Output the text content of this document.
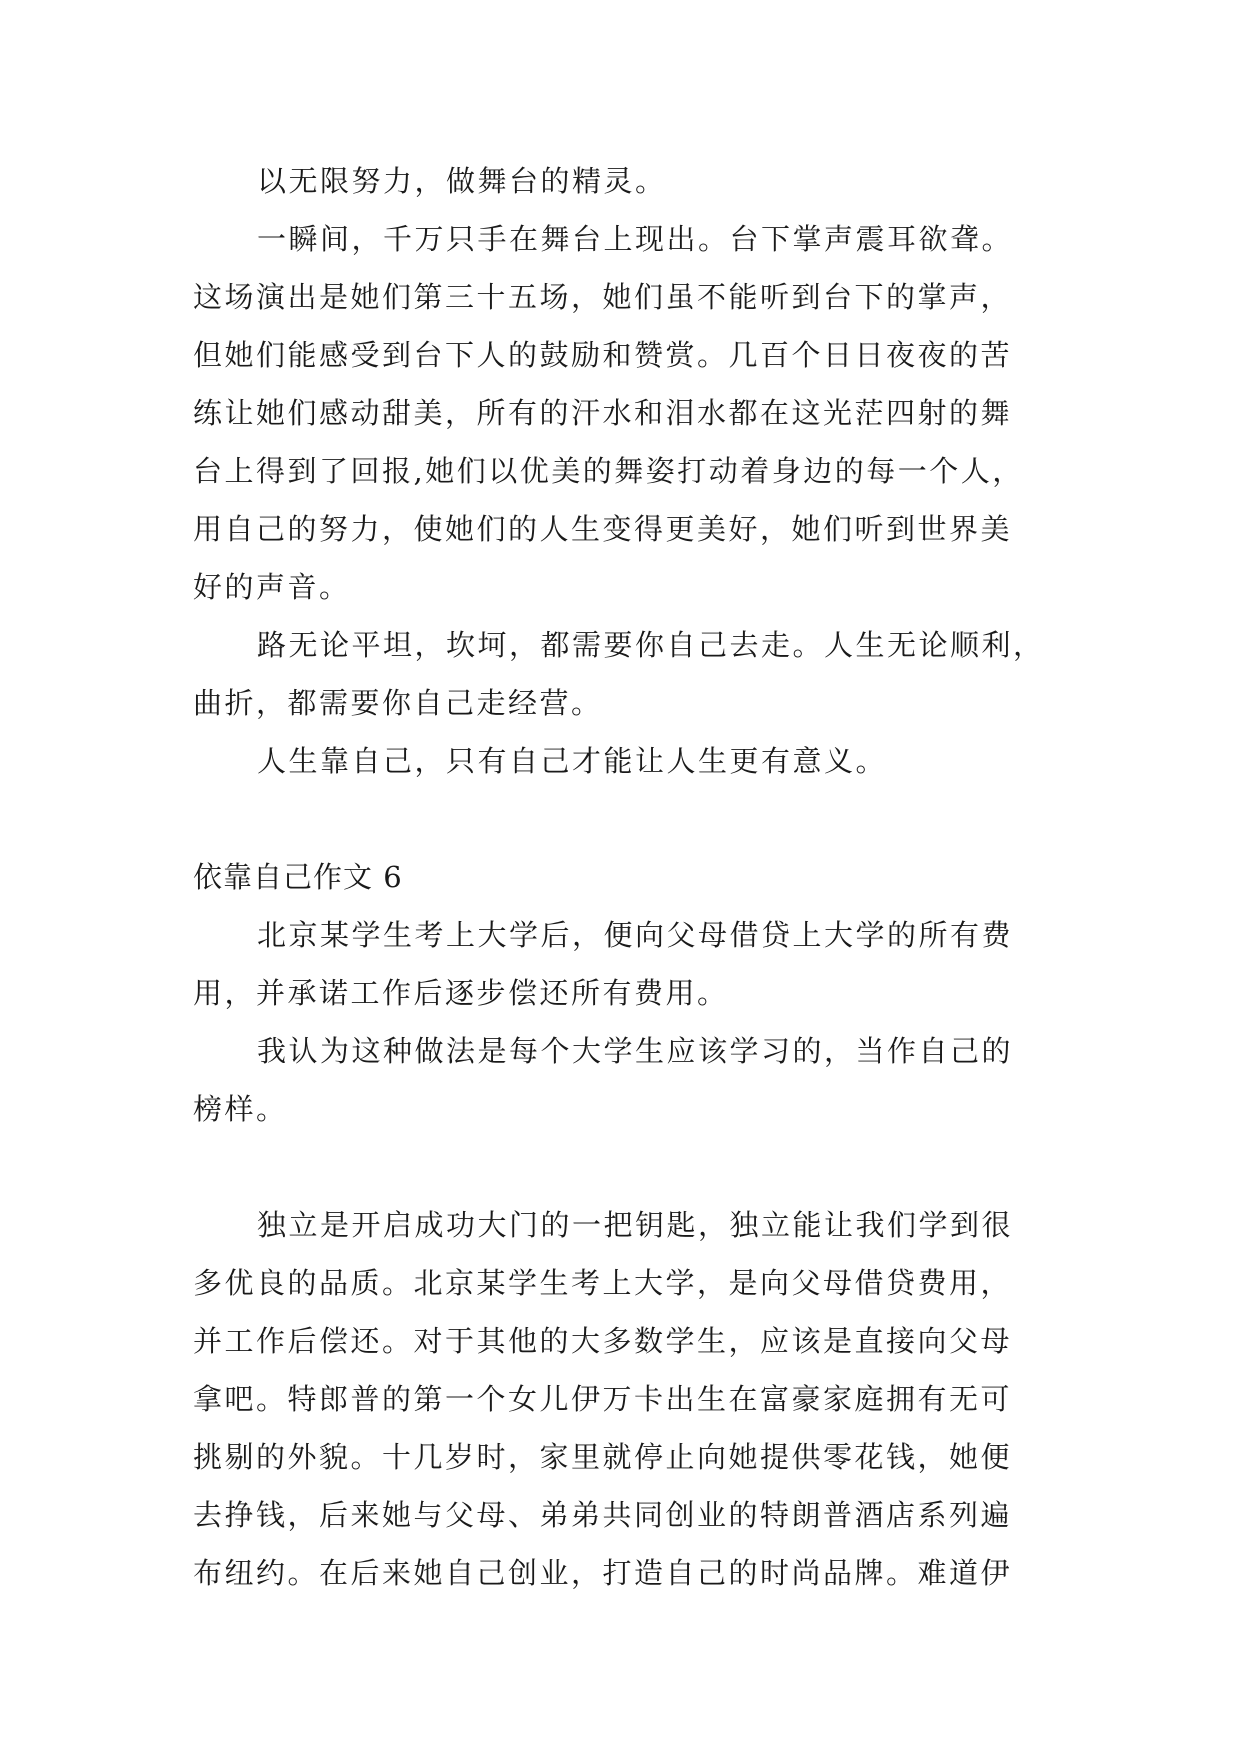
以无限努力，做舞台的精灵。
一瞬间，千万只手在舞台上现出。台下掌声震耳欲聋。
这场演出是她们第三十五场，她们虽不能听到台下的掌声，
但她们能感受到台下人的鼓励和赞赏。几百个日日夜夜的苦
练让她们感动甜美，所有的汗水和泪水都在这光茫四射的舞
台上得到了回报,她们以优美的舞姿打动着身边的每一个人，
用自己的努力，使她们的人生变得更美好，她们听到世界美
好的声音。
路无论平坦，坎坷，都需要你自己去走。人生无论顺利，
曲折，都需要你自己走经营。
人生靠自己，只有自己才能让人生更有意义。
依靠自己作文 6
北京某学生考上大学后，便向父母借贷上大学的所有费
用，并承诺工作后逐步偿还所有费用。
我认为这种做法是每个大学生应该学习的，当作自己的
榜样。
独立是开启成功大门的一把钥匙，独立能让我们学到很
多优良的品质。北京某学生考上大学，是向父母借贷费用，
并工作后偿还。对于其他的大多数学生，应该是直接向父母
拿吧。特郎普的第一个女儿伊万卡出生在富豪家庭拥有无可
挑剔的外貌。十几岁时，家里就停止向她提供零花钱，她便
去挣钱，后来她与父母、弟弟共同创业的特朗普酒店系列遍
布纽约。在后来她自己创业，打造自己的时尚品牌。难道伊
